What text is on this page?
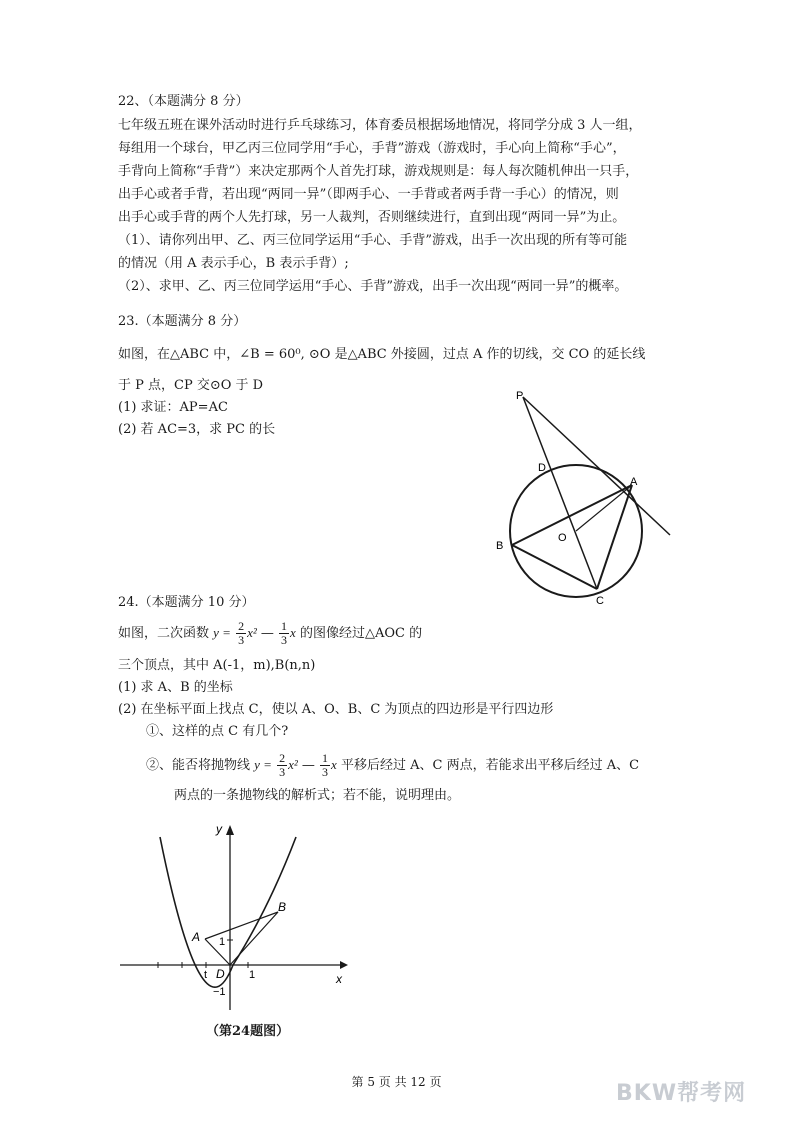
22、（本题满分 8 分）
七年级五班在课外活动时进行乒乓球练习，体育委员根据场地情况，将同学分成 3 人一组，
每组用一个球台，甲乙丙三位同学用“手心，手背”游戏（游戏时，手心向上简称“手心”，
手背向上简称“手背”）来决定那两个人首先打球，游戏规则是：每人每次随机伸出一只手，
出手心或者手背，若出现“两同一异”（即两手心、一手背或者两手背一手心）的情况，则
出手心或手背的两个人先打球，另一人裁判，否则继续进行，直到出现“两同一异”为止。
（1）、请你列出甲、乙、丙三位同学运用“手心、手背”游戏，出手一次出现的所有等可能
的情况（用 A 表示手心，B 表示手背）;
（2）、求甲、乙、丙三位同学运用“手心、手背”游戏，出手一次出现“两同一异”的概率。
23.（本题满分 8 分）
如图，在△ABC 中，∠B = 60⁰, ⊙O 是△ABC 外接圆，过点 A 作的切线，交 CO 的延长线
于 P 点，CP 交⊙O 于 D
(1) 求证：AP=AC
(2) 若 AC=3，求 PC 的长
P
D
A
O
B
C
24.（本题满分 10 分）
如图，二次函数 $y = \frac{2}{3} x^2$ — $\frac{1}{3}$ x 的图像经过△AOC 的
三个顶点，其中 A(-1，m),B(n,n)
(1) 求 A、B 的坐标
(2) 在坐标平面上找点 C，使以 A、O、B、C 为顶点的四边形是平行四边形
①、这样的点 C 有几个?
②、能否将抛物线 $y = \frac{2}{3} x^2$ — $\frac{1}{3}$ x 平移后经过 A、C 两点，若能求出平移后经过 A、C
两点的一条抛物线的解析式；若不能，说明理由。
y
x
A
B
D
1
1
−1
t
（第24题图）
第 5 页 共 12 页	BKW帮考网
